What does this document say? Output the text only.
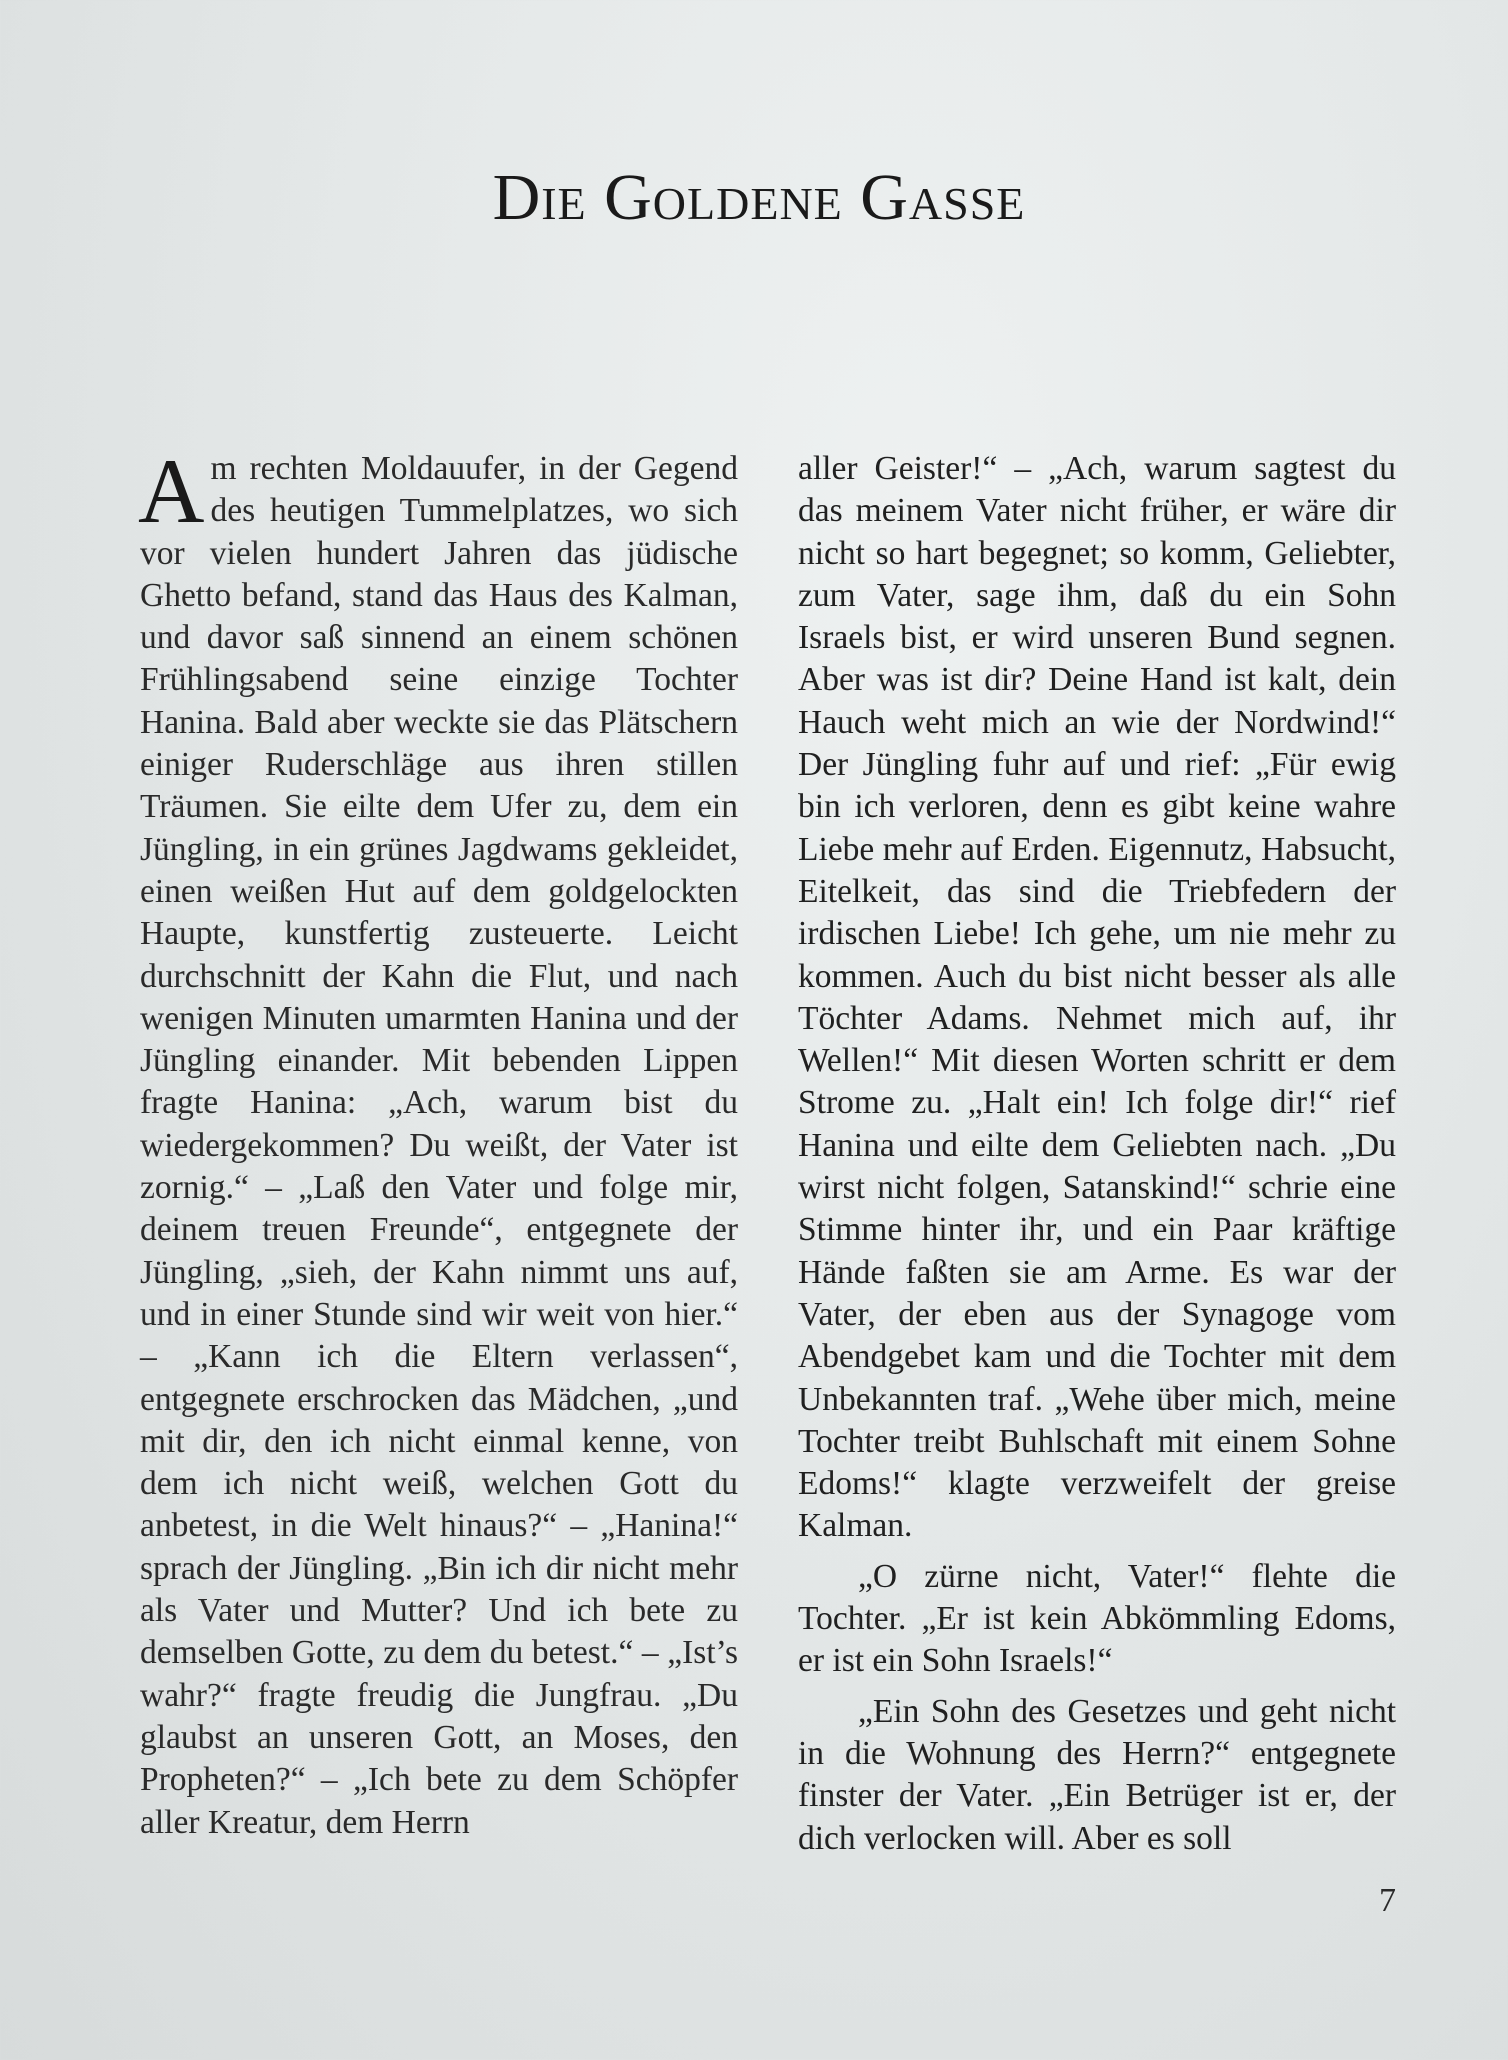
Die Goldene Gasse

Am rechten Moldauufer, in der Gegend des heutigen Tummelplatzes, wo sich vor vielen hundert Jahren das jüdische Ghetto befand, stand das Haus des Kalman, und davor saß sinnend an einem schönen Frühlingsabend seine einzige Tochter Hanina. Bald aber weckte sie das Plätschern einiger Ruderschläge aus ihren stillen Träumen. Sie eilte dem Ufer zu, dem ein Jüngling, in ein grünes Jagdwams gekleidet, einen weißen Hut auf dem goldgelockten Haupte, kunstfertig zusteuerte. Leicht durchschnitt der Kahn die Flut, und nach wenigen Minuten umarmten Hanina und der Jüngling einander. Mit bebenden Lippen fragte Hanina: „Ach, warum bist du wiedergekommen? Du weißt, der Vater ist zornig.“ – „Laß den Vater und folge mir, deinem treuen Freunde“, entgegnete der Jüngling, „sieh, der Kahn nimmt uns auf, und in einer Stunde sind wir weit von hier.“ – „Kann ich die Eltern verlassen“, entgegnete erschrocken das Mädchen, „und mit dir, den ich nicht einmal kenne, von dem ich nicht weiß, welchen Gott du anbetest, in die Welt hinaus?“ – „Hanina!“ sprach der Jüngling. „Bin ich dir nicht mehr als Vater und Mutter? Und ich bete zu demselben Gotte, zu dem du betest.“ – „Ist’s wahr?“ fragte freudig die Jungfrau. „Du glaubst an unseren Gott, an Moses, den Propheten?“ – „Ich bete zu dem Schöpfer aller Kreatur, dem Herrn

aller Geister!“ – „Ach, warum sagtest du das meinem Vater nicht früher, er wäre dir nicht so hart begegnet; so komm, Geliebter, zum Vater, sage ihm, daß du ein Sohn Israels bist, er wird unseren Bund segnen. Aber was ist dir? Deine Hand ist kalt, dein Hauch weht mich an wie der Nordwind!“ Der Jüngling fuhr auf und rief: „Für ewig bin ich verloren, denn es gibt keine wahre Liebe mehr auf Erden. Eigennutz, Habsucht, Eitelkeit, das sind die Triebfedern der irdischen Liebe! Ich gehe, um nie mehr zu kommen. Auch du bist nicht besser als alle Töchter Adams. Nehmet mich auf, ihr Wellen!“ Mit diesen Worten schritt er dem Strome zu. „Halt ein! Ich folge dir!“ rief Hanina und eilte dem Geliebten nach. „Du wirst nicht folgen, Satanskind!“ schrie eine Stimme hinter ihr, und ein Paar kräftige Hände faßten sie am Arme. Es war der Vater, der eben aus der Synagoge vom Abendgebet kam und die Tochter mit dem Unbekannten traf. „Wehe über mich, meine Tochter treibt Buhlschaft mit einem Sohne Edoms!“ klagte verzweifelt der greise Kalman.

„O zürne nicht, Vater!“ flehte die Tochter. „Er ist kein Abkömmling Edoms, er ist ein Sohn Israels!“

„Ein Sohn des Gesetzes und geht nicht in die Wohnung des Herrn?“ entgegnete finster der Vater. „Ein Betrüger ist er, der dich verlocken will. Aber es soll

7
